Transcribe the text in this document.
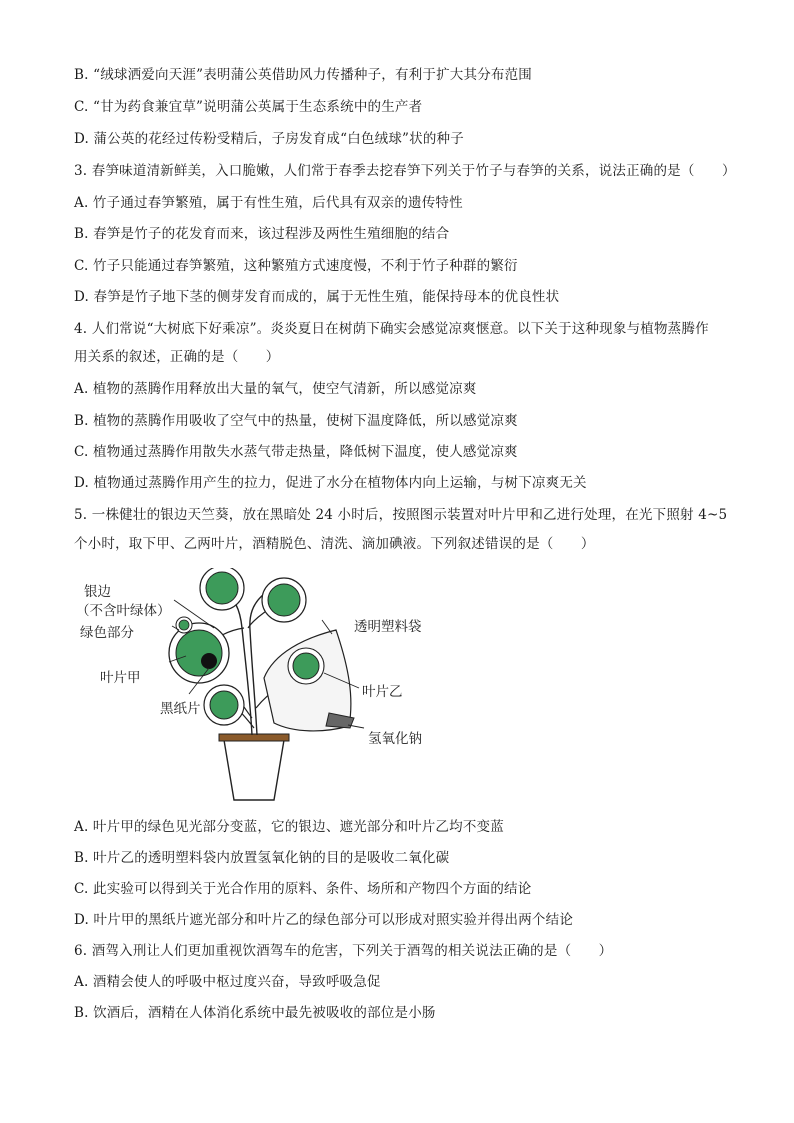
B. “绒球洒爱向天涯”表明蒲公英借助风力传播种子，有利于扩大其分布范围
C. “甘为药食兼宜草”说明蒲公英属于生态系统中的生产者
D. 蒲公英的花经过传粉受精后，子房发育成“白色绒球”状的种子
3. 春笋味道清新鲜美，入口脆嫩，人们常于春季去挖春笋下列关于竹子与春笋的关系，说法正确的是（　　）
A. 竹子通过春笋繁殖，属于有性生殖，后代具有双亲的遗传特性
B. 春笋是竹子的花发育而来，该过程涉及两性生殖细胞的结合
C. 竹子只能通过春笋繁殖，这种繁殖方式速度慢，不利于竹子种群的繁衍
D. 春笋是竹子地下茎的侧芽发育而成的，属于无性生殖，能保持母本的优良性状
4. 人们常说“大树底下好乘凉”。炎炎夏日在树荫下确实会感觉凉爽惬意。以下关于这种现象与植物蒸腾作
用关系的叙述，正确的是（　　）
A. 植物的蒸腾作用释放出大量的氧气，使空气清新，所以感觉凉爽
B. 植物的蒸腾作用吸收了空气中的热量，使树下温度降低，所以感觉凉爽
C. 植物通过蒸腾作用散失水蒸气带走热量，降低树下温度，使人感觉凉爽
D. 植物通过蒸腾作用产生的拉力，促进了水分在植物体内向上运输，与树下凉爽无关
5. 一株健壮的银边天竺葵，放在黑暗处 24 小时后，按照图示装置对叶片甲和乙进行处理，在光下照射 4~5
个小时，取下甲、乙两叶片，酒精脱色、清洗、滴加碘液。下列叙述错误的是（　　）
银边
（不含叶绿体）
绿色部分
叶片甲
黑纸片
透明塑料袋
叶片乙
氢氧化钠
A. 叶片甲的绿色见光部分变蓝，它的银边、遮光部分和叶片乙均不变蓝
B. 叶片乙的透明塑料袋内放置氢氧化钠的目的是吸收二氧化碳
C. 此实验可以得到关于光合作用的原料、条件、场所和产物四个方面的结论
D. 叶片甲的黑纸片遮光部分和叶片乙的绿色部分可以形成对照实验并得出两个结论
6. 酒驾入刑让人们更加重视饮酒驾车的危害，下列关于酒驾的相关说法正确的是（　　）
A. 酒精会使人的呼吸中枢过度兴奋，导致呼吸急促
B. 饮酒后，酒精在人体消化系统中最先被吸收的部位是小肠
